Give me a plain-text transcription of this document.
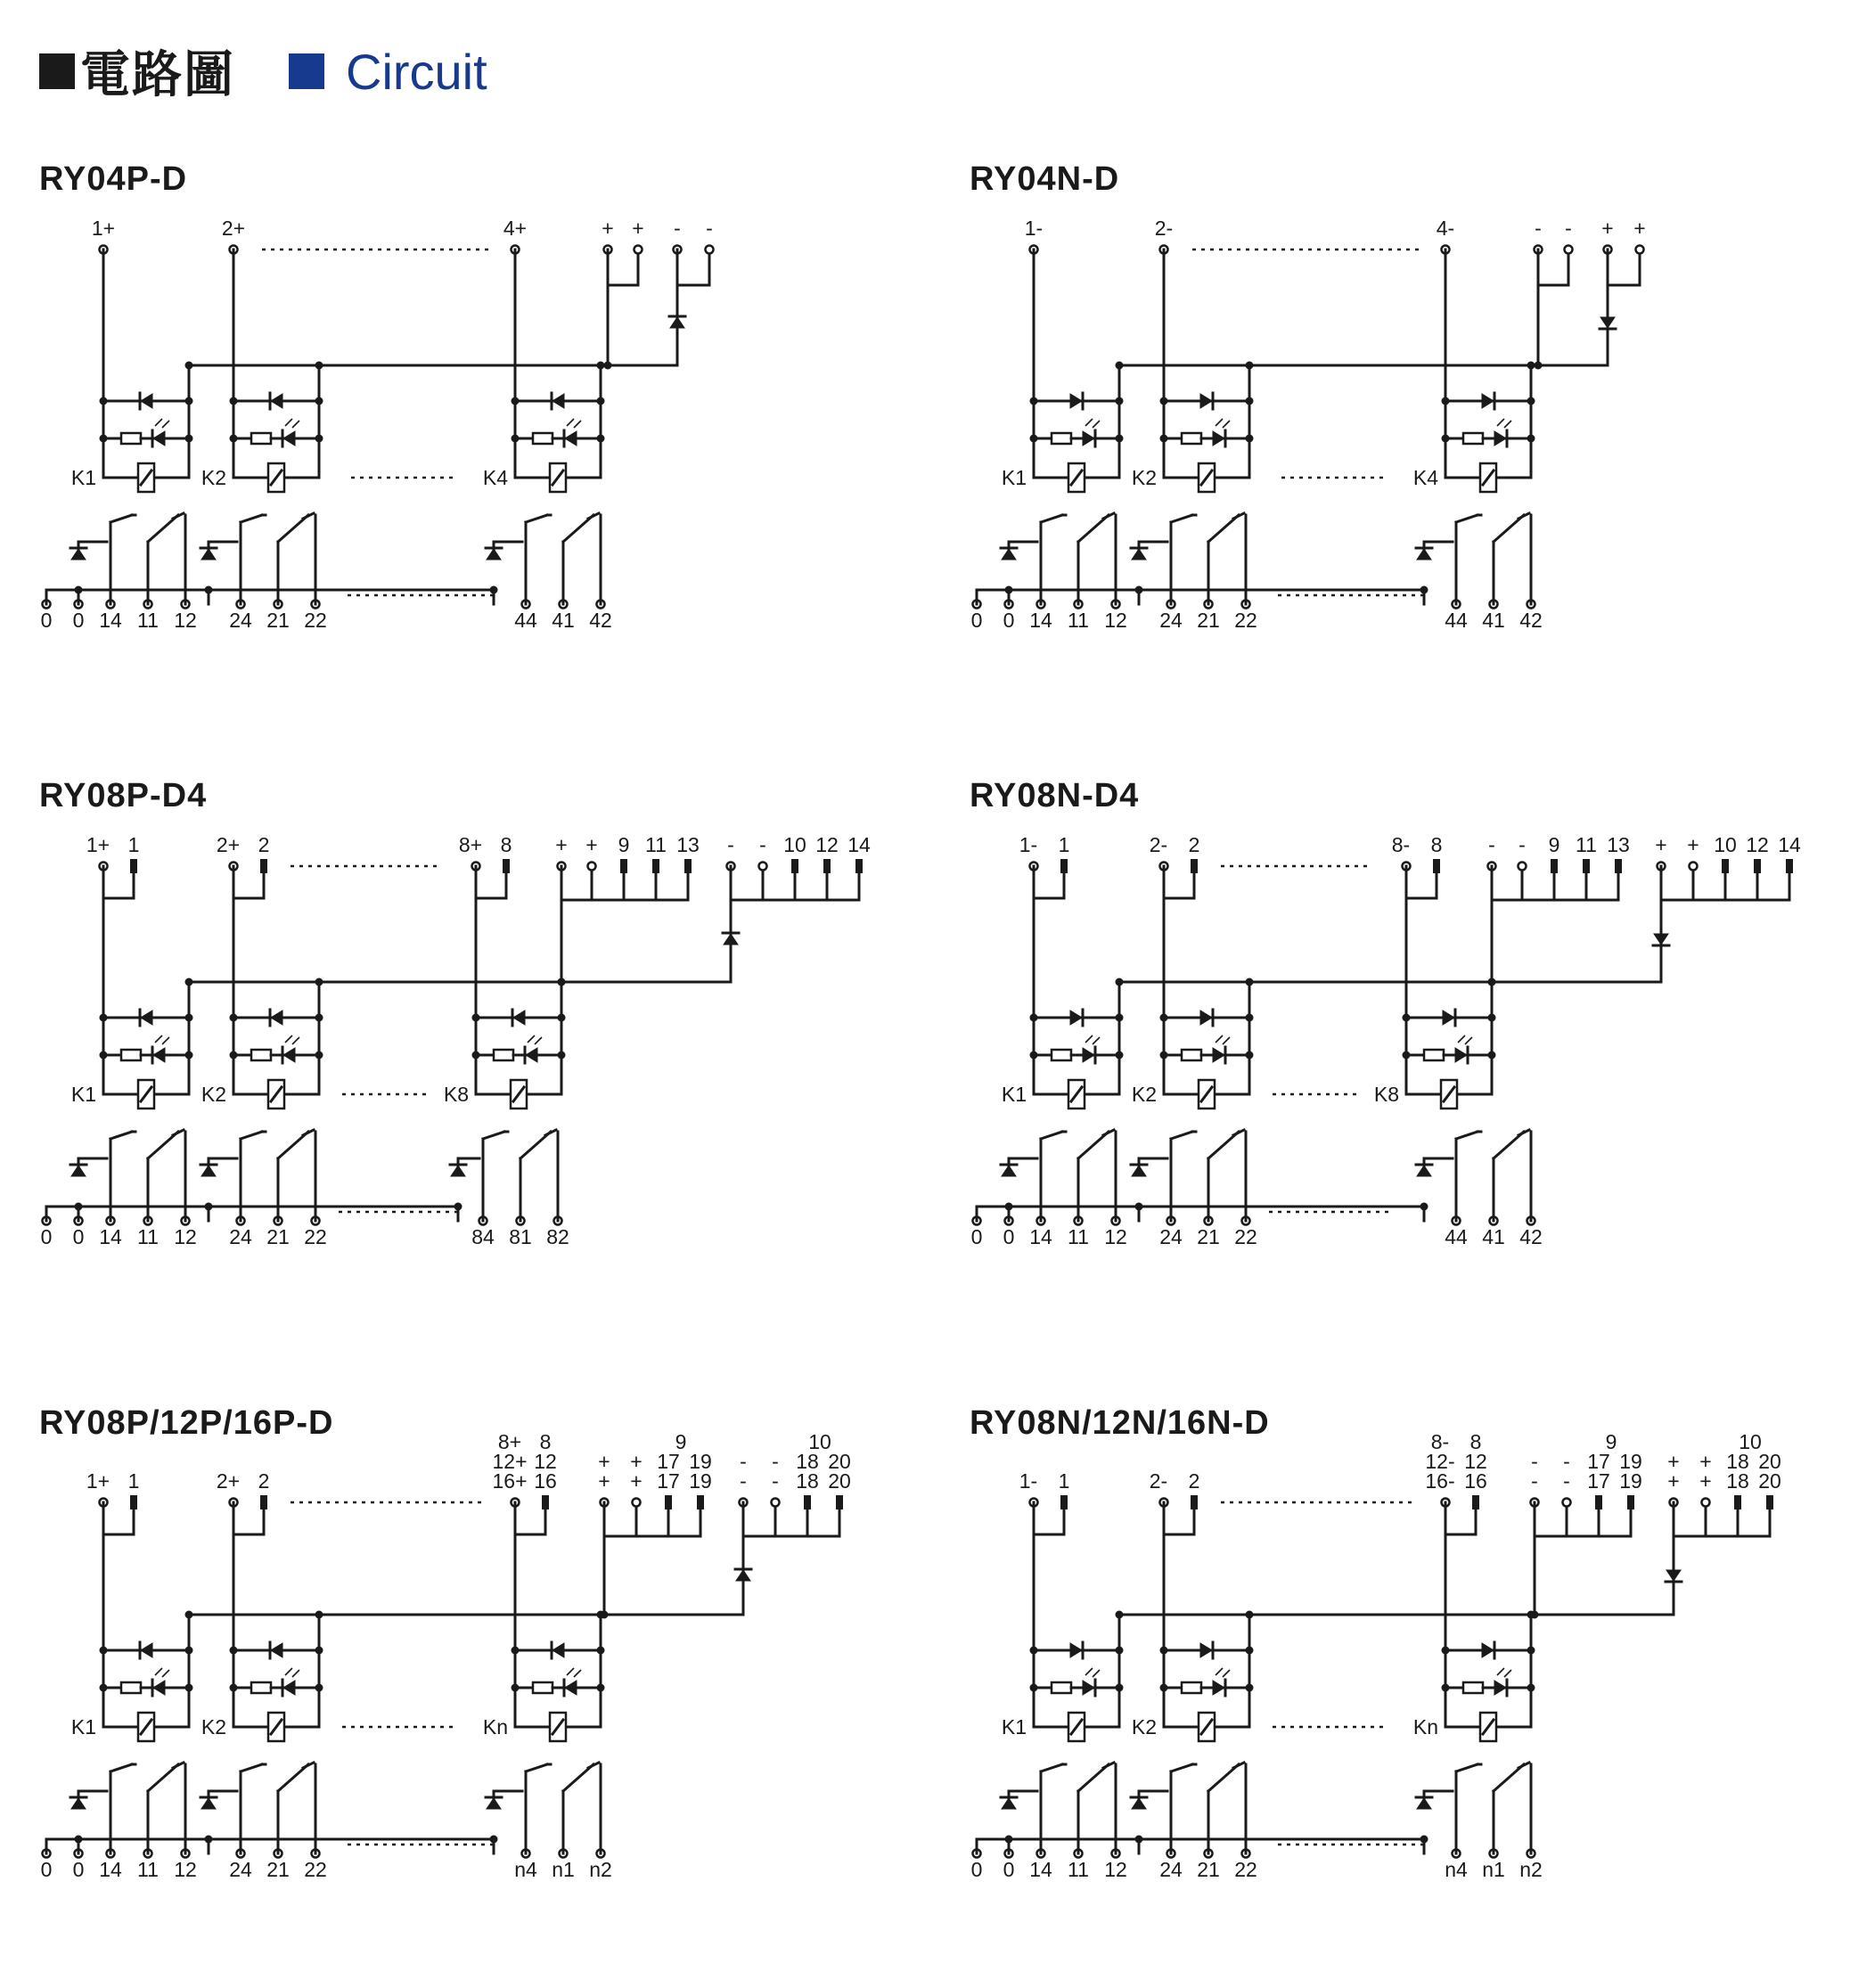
電路圖 Circuit
RY04P-D
1+	2+	4+	+ + - -
K1	K2	K4
0 0 14 11 12 24 21 22	44 41 42
RY04N-D
1-	2-	4-	- - + +
K1	K2	K4
0 0 14 11 12 24 21 22	44 41 42
RY08P-D4
1+ 1	2+ 2	8+ 8 + + 9 11 13 - - 10 12 14
K1	K2	K8
0 0 14 11 12 24 21 22	84 81 82
RY08N-D4
1- 1	2- 2	8- 8 - - 9 11 13 + + 10 12 14
K1	K2	K8
0 0 14 11 12 24 21 22	44 41 42
RY08P/12P/16P-D
1+ 1	2+ 2
8+ 8
12+ 12
16+ 16 + + 17 19 - - 18 20
+	-
+	-
17	18
19	20
9	10
K1	K2	Kn
0 0 14 11 12 24 21 22	n4 n1 n2
RY08N/12N/16N-D
1- 1	2- 2
8- 8
12- 12
16- 16 - - 17 19 + + 18 20
-	+
-	+
17	18
19	20
9	10
K1	K2	Kn
0 0 14 11 12 24 21 22	n4 n1 n2
